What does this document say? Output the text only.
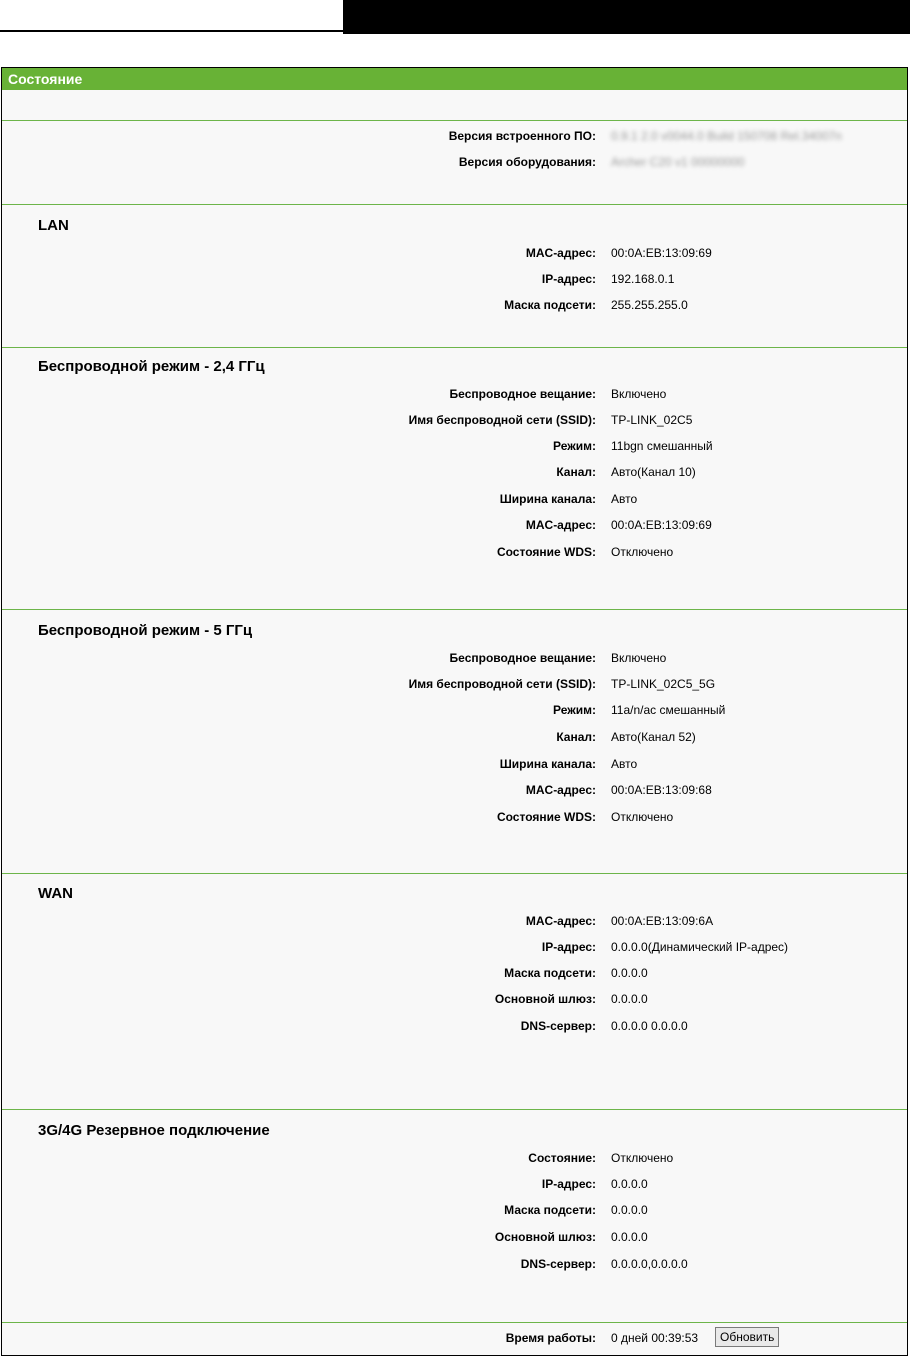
Состояние
Версия встроенного ПО: 0.9.1 2.0 v0044.0 Build 150708 Rel.34007n
Версия оборудования: Archer C20 v1 00000000
LAN
MAC-адрес: 00:0A:EB:13:09:69
IP-адрес: 192.168.0.1
Маска подсети: 255.255.255.0
Беспроводной режим - 2,4 ГГц
Беспроводное вещание: Включено
Имя беспроводной сети (SSID): TP-LINK_02C5
Режим: 11bgn смешанный
Канал: Авто(Канал 10)
Ширина канала: Авто
MAC-адрес: 00:0A:EB:13:09:69
Состояние WDS: Отключено
Беспроводной режим - 5 ГГц
Беспроводное вещание: Включено
Имя беспроводной сети (SSID): TP-LINK_02C5_5G
Режим: 11a/n/ac смешанный
Канал: Авто(Канал 52)
Ширина канала: Авто
MAC-адрес: 00:0A:EB:13:09:68
Состояние WDS: Отключено
WAN
MAC-адрес: 00:0A:EB:13:09:6A
IP-адрес: 0.0.0.0(Динамический IP-адрес)
Маска подсети: 0.0.0.0
Основной шлюз: 0.0.0.0
DNS-сервер: 0.0.0.0 0.0.0.0
3G/4G Резервное подключение
Состояние: Отключено
IP-адрес: 0.0.0.0
Маска подсети: 0.0.0.0
Основной шлюз: 0.0.0.0
DNS-сервер: 0.0.0.0,0.0.0.0
Время работы: 0 дней 00:39:53	Обновить
